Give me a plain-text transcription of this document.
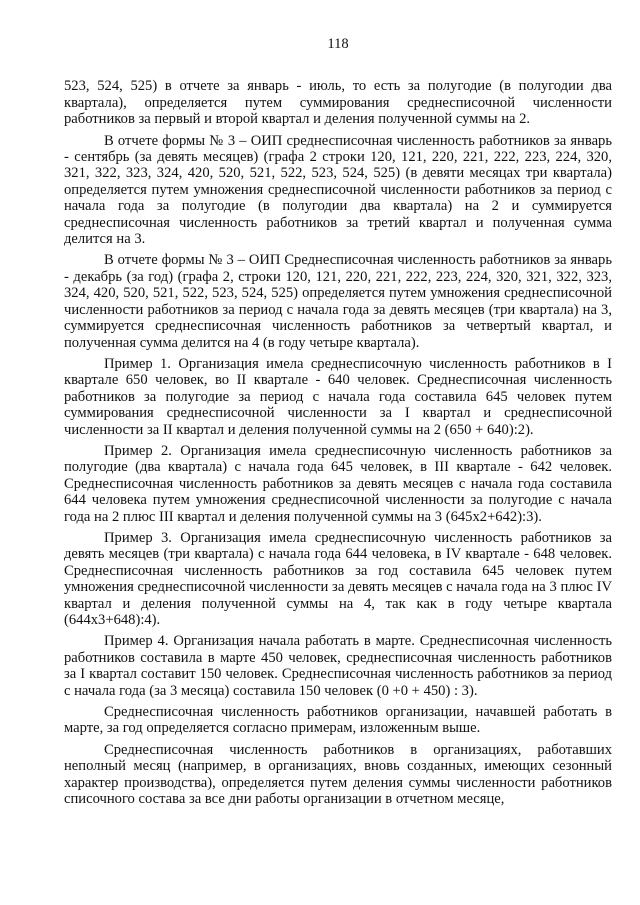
118

523, 524, 525) в отчете за январь - июль, то есть за полугодие (в полугодии два квартала), определяется путем суммирования среднесписочной численности работников за первый и второй квартал и деления полученной суммы на 2.

В отчете формы № 3 – ОИП среднесписочная численность работников за январь - сентябрь (за девять месяцев) (графа 2 строки 120, 121, 220, 221, 222, 223, 224, 320, 321, 322, 323, 324, 420, 520, 521, 522, 523, 524, 525) (в девяти месяцах три квартала) определяется путем умножения среднесписочной численности работников за период с начала года за полугодие (в полугодии два квартала) на 2 и суммируется среднесписочная численность работников за третий квартал и полученная сумма делится на 3.

В отчете формы № 3 – ОИП Среднесписочная численность работников за январь - декабрь (за год) (графа 2, строки 120, 121, 220, 221, 222, 223, 224, 320, 321, 322, 323, 324, 420, 520, 521, 522, 523, 524, 525) определяется путем умножения среднесписочной численности работников за период с начала года за девять месяцев (три квартала) на 3, суммируется среднесписочная численность работников за четвертый квартал, и полученная сумма делится на 4 (в году четыре квартала).

Пример 1. Организация имела среднесписочную численность работников в I квартале 650 человек, во II квартале - 640 человек. Среднесписочная численность работников за полугодие за период с начала года составила 645 человек путем суммирования среднесписочной численности за I квартал и среднесписочной численности за II квартал и деления полученной суммы на 2 (650 + 640):2).

Пример 2. Организация имела среднесписочную численность работников за полугодие (два квартала) с начала года 645 человек, в III квартале - 642 человек. Среднесписочная численность работников за девять месяцев с начала года составила 644 человека путем умножения среднесписочной численности за полугодие с начала года на 2 плюс III квартал и деления полученной суммы на 3 (645x2+642):3).

Пример 3. Организация имела среднесписочную численность работников за девять месяцев (три квартала) с начала года 644 человека, в IV квартале - 648 человек. Среднесписочная численность работников за год составила 645 человек путем умножения среднесписочной численности за девять месяцев с начала года на 3 плюс IV квартал и деления полученной суммы на 4, так как в году четыре квартала (644x3+648):4).

Пример 4. Организация начала работать в марте. Среднесписочная численность работников составила в марте 450 человек, среднесписочная численность работников за I квартал составит 150 человек. Среднесписочная численность работников за период с начала года (за 3 месяца) составила 150 человек (0 +0 + 450) : 3).

Среднесписочная численность работников организации, начавшей работать в марте, за год определяется согласно примерам, изложенным выше.

Среднесписочная численность работников в организациях, работавших неполный месяц (например, в организациях, вновь созданных, имеющих сезонный характер производства), определяется путем деления суммы численности работников списочного состава за все дни работы организации в отчетном месяце,
